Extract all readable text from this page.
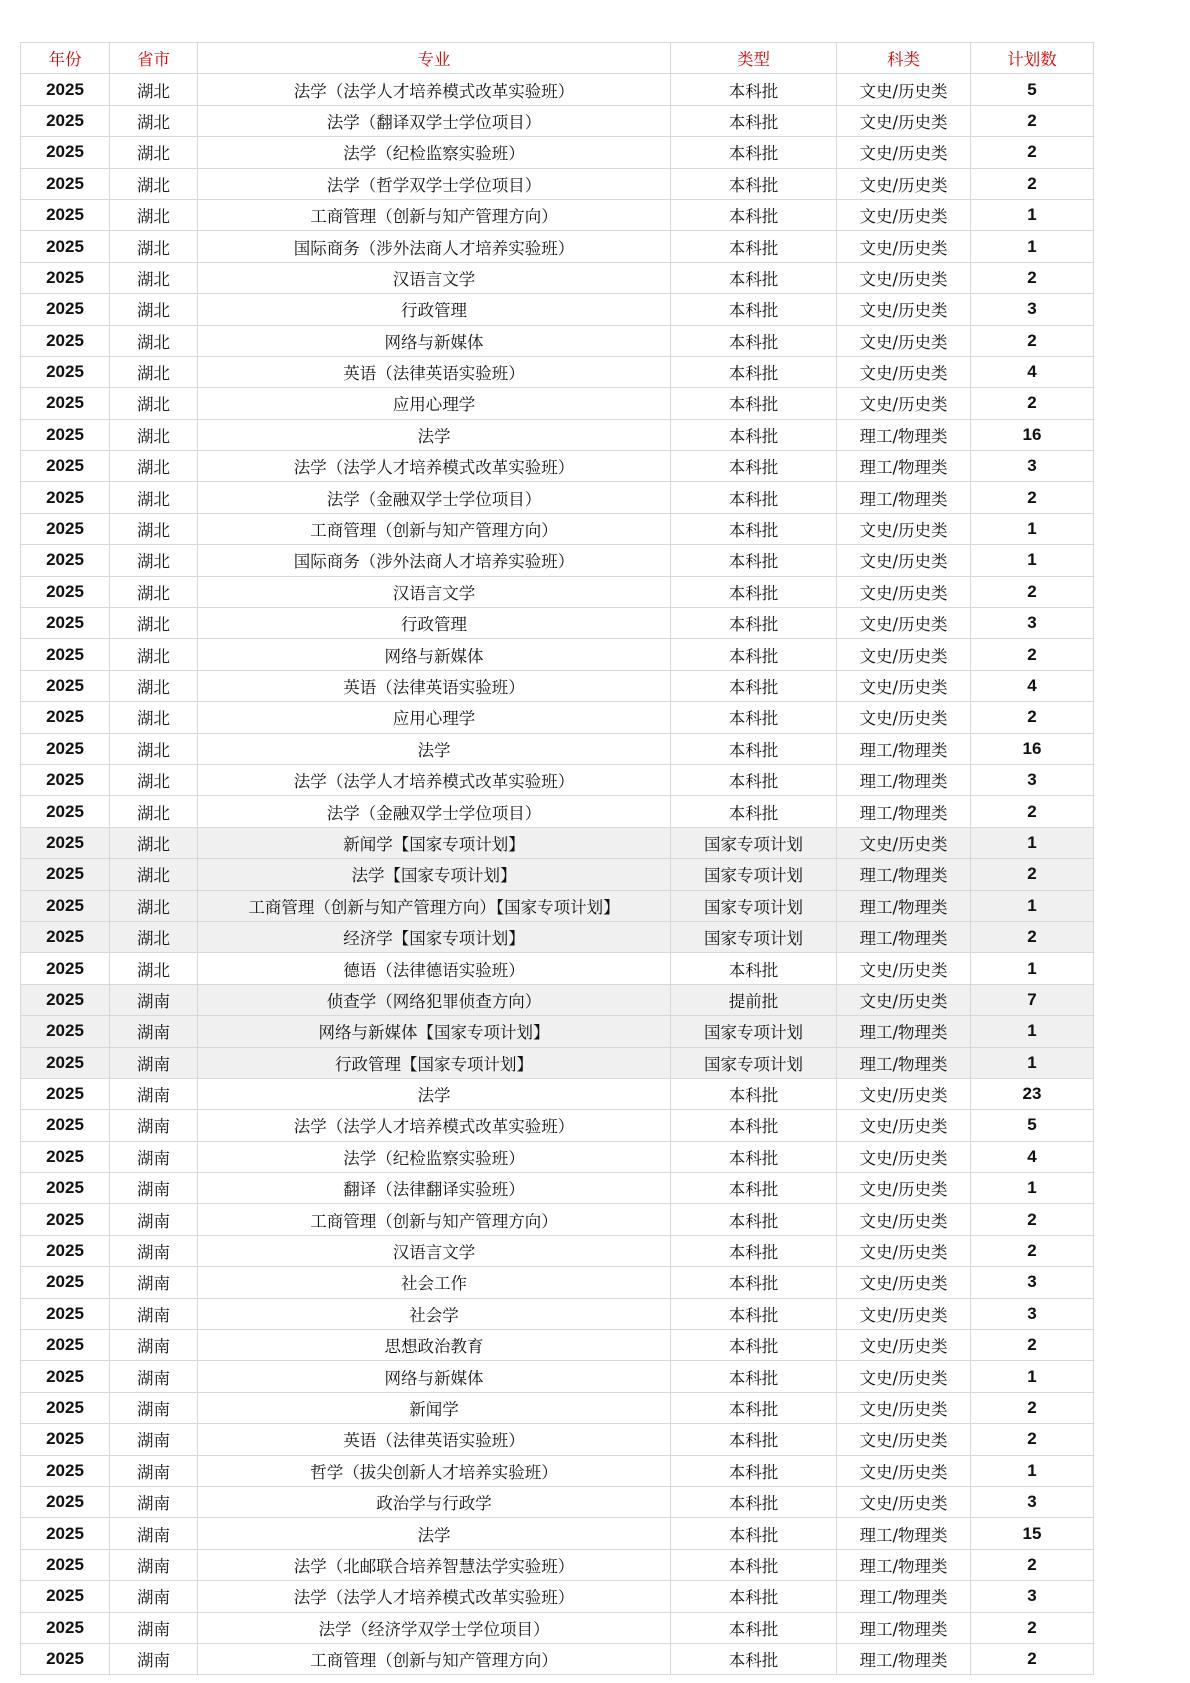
年份	省市	专业	类型	科类	计划数
2025	湖北	法学（法学人才培养模式改革实验班）	本科批	文史/历史类	5
2025	湖北	法学（翻译双学士学位项目）	本科批	文史/历史类	2
2025	湖北	法学（纪检监察实验班）	本科批	文史/历史类	2
2025	湖北	法学（哲学双学士学位项目）	本科批	文史/历史类	2
2025	湖北	工商管理（创新与知产管理方向）	本科批	文史/历史类	1
2025	湖北	国际商务（涉外法商人才培养实验班）	本科批	文史/历史类	1
2025	湖北	汉语言文学	本科批	文史/历史类	2
2025	湖北	行政管理	本科批	文史/历史类	3
2025	湖北	网络与新媒体	本科批	文史/历史类	2
2025	湖北	英语（法律英语实验班）	本科批	文史/历史类	4
2025	湖北	应用心理学	本科批	文史/历史类	2
2025	湖北	法学	本科批	理工/物理类	16
2025	湖北	法学（法学人才培养模式改革实验班）	本科批	理工/物理类	3
2025	湖北	法学（金融双学士学位项目）	本科批	理工/物理类	2
2025	湖北	工商管理（创新与知产管理方向）	本科批	文史/历史类	1
2025	湖北	国际商务（涉外法商人才培养实验班）	本科批	文史/历史类	1
2025	湖北	汉语言文学	本科批	文史/历史类	2
2025	湖北	行政管理	本科批	文史/历史类	3
2025	湖北	网络与新媒体	本科批	文史/历史类	2
2025	湖北	英语（法律英语实验班）	本科批	文史/历史类	4
2025	湖北	应用心理学	本科批	文史/历史类	2
2025	湖北	法学	本科批	理工/物理类	16
2025	湖北	法学（法学人才培养模式改革实验班）	本科批	理工/物理类	3
2025	湖北	法学（金融双学士学位项目）	本科批	理工/物理类	2
2025	湖北	新闻学【国家专项计划】	国家专项计划	文史/历史类	1
2025	湖北	法学【国家专项计划】	国家专项计划	理工/物理类	2
2025	湖北	工商管理（创新与知产管理方向）【国家专项计划】	国家专项计划	理工/物理类	1
2025	湖北	经济学【国家专项计划】	国家专项计划	理工/物理类	2
2025	湖北	德语（法律德语实验班）	本科批	文史/历史类	1
2025	湖南	侦查学（网络犯罪侦查方向）	提前批	文史/历史类	7
2025	湖南	网络与新媒体【国家专项计划】	国家专项计划	理工/物理类	1
2025	湖南	行政管理【国家专项计划】	国家专项计划	理工/物理类	1
2025	湖南	法学	本科批	文史/历史类	23
2025	湖南	法学（法学人才培养模式改革实验班）	本科批	文史/历史类	5
2025	湖南	法学（纪检监察实验班）	本科批	文史/历史类	4
2025	湖南	翻译（法律翻译实验班）	本科批	文史/历史类	1
2025	湖南	工商管理（创新与知产管理方向）	本科批	文史/历史类	2
2025	湖南	汉语言文学	本科批	文史/历史类	2
2025	湖南	社会工作	本科批	文史/历史类	3
2025	湖南	社会学	本科批	文史/历史类	3
2025	湖南	思想政治教育	本科批	文史/历史类	2
2025	湖南	网络与新媒体	本科批	文史/历史类	1
2025	湖南	新闻学	本科批	文史/历史类	2
2025	湖南	英语（法律英语实验班）	本科批	文史/历史类	2
2025	湖南	哲学（拔尖创新人才培养实验班）	本科批	文史/历史类	1
2025	湖南	政治学与行政学	本科批	文史/历史类	3
2025	湖南	法学	本科批	理工/物理类	15
2025	湖南	法学（北邮联合培养智慧法学实验班）	本科批	理工/物理类	2
2025	湖南	法学（法学人才培养模式改革实验班）	本科批	理工/物理类	3
2025	湖南	法学（经济学双学士学位项目）	本科批	理工/物理类	2
2025	湖南	工商管理（创新与知产管理方向）	本科批	理工/物理类	2
